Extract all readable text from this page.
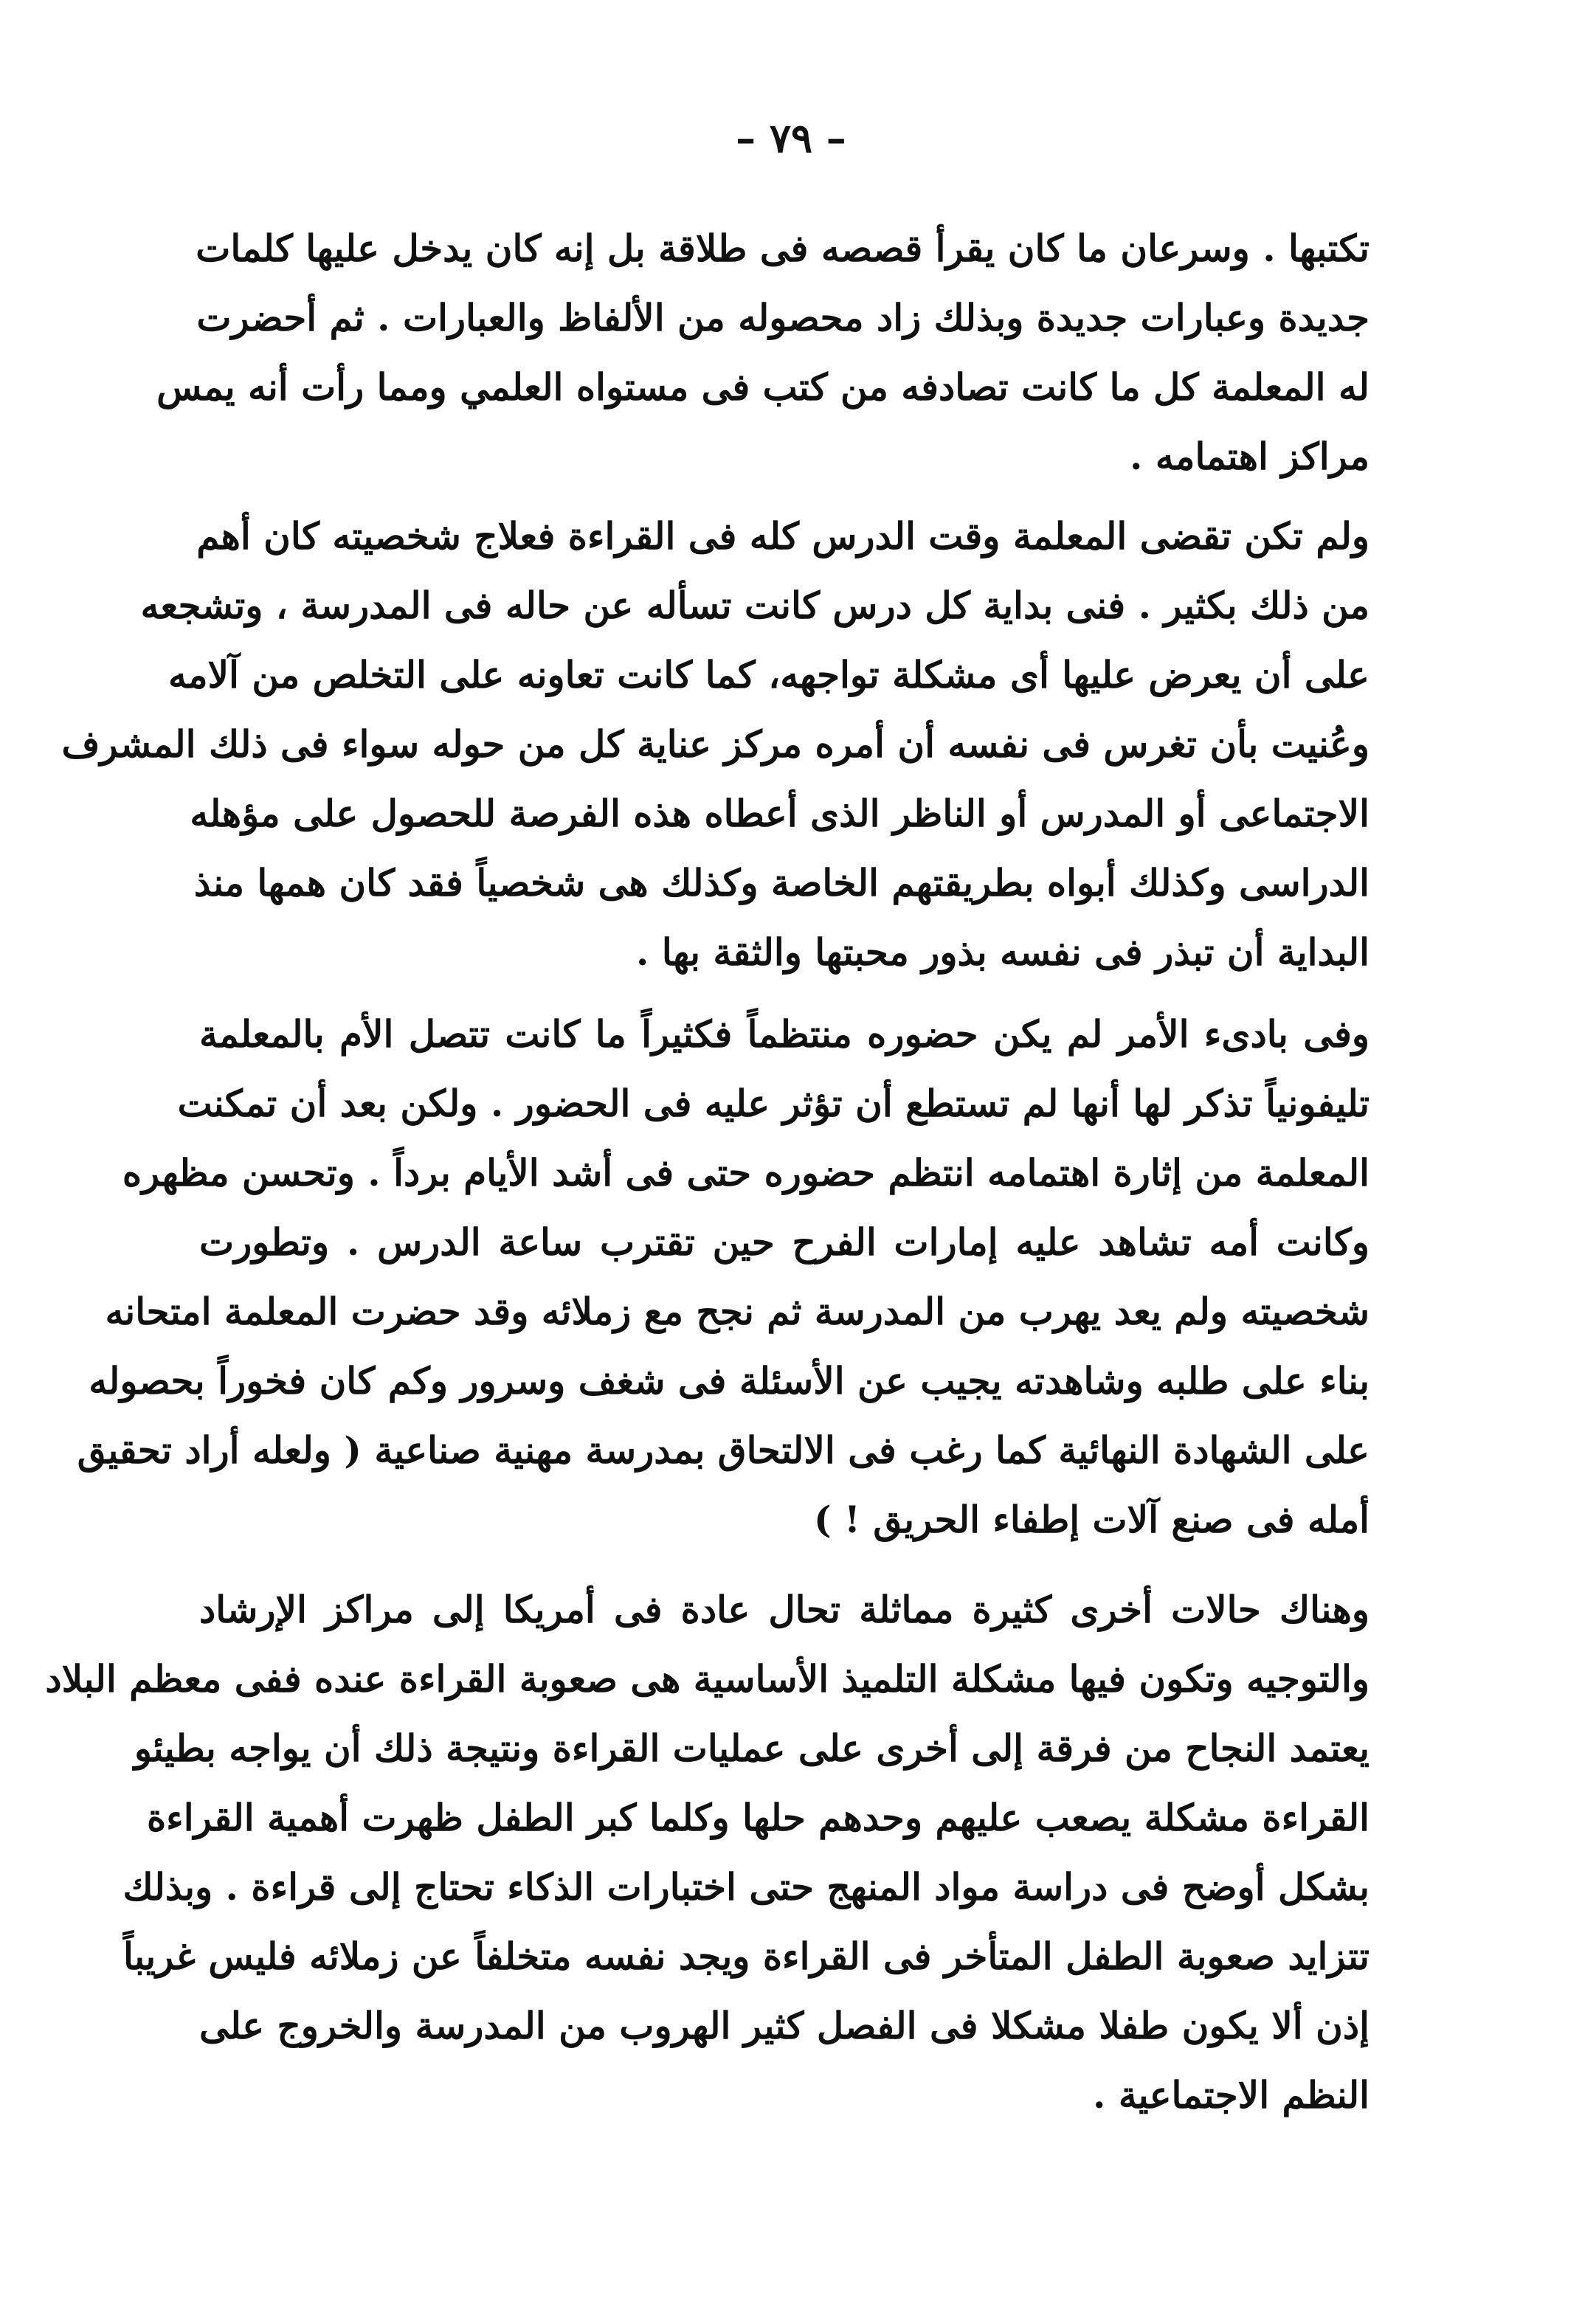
– ٧٩ –
تكتبها . وسرعان ما كان يقرأ قصصه فى طلاقة بل إنه كان يدخل عليها كلمات
جديدة وعبارات جديدة وبذلك زاد محصوله من الألفاظ والعبارات . ثم أحضرت
له المعلمة كل ما كانت تصادفه من كتب فى مستواه العلمي ومما رأت أنه يمس
مراكز اهتمامه .
ولم تكن تقضى المعلمة وقت الدرس كله فى القراءة فعلاج شخصيته كان أهم
من ذلك بكثير . فنى بداية كل درس كانت تسأله عن حاله فى المدرسة ، وتشجعه
على أن يعرض عليها أى مشكلة تواجهه، كما كانت تعاونه على التخلص من آلامه
وعُنيت بأن تغرس فى نفسه أن أمره مركز عناية كل من حوله سواء فى ذلك المشرف
الاجتماعى أو المدرس أو الناظر الذى أعطاه هذه الفرصة للحصول على مؤهله
الدراسى وكذلك أبواه بطريقتهم الخاصة وكذلك هى شخصياً فقد كان همها منذ
البداية أن تبذر فى نفسه بذور محبتها والثقة بها .
وفى بادىء الأمر لم يكن حضوره منتظماً فكثيراً ما كانت تتصل الأم بالمعلمة
تليفونياً تذكر لها أنها لم تستطع أن تؤثر عليه فى الحضور . ولكن بعد أن تمكنت
المعلمة من إثارة اهتمامه انتظم حضوره حتى فى أشد الأيام برداً . وتحسن مظهره
وكانت أمه تشاهد عليه إمارات الفرح حين تقترب ساعة الدرس . وتطورت
شخصيته ولم يعد يهرب من المدرسة ثم نجح مع زملائه وقد حضرت المعلمة امتحانه
بناء على طلبه وشاهدته يجيب عن الأسئلة فى شغف وسرور وكم كان فخوراً بحصوله
على الشهادة النهائية كما رغب فى الالتحاق بمدرسة مهنية صناعية ( ولعله أراد تحقيق
أمله فى صنع آلات إطفاء الحريق ! )
وهناك حالات أخرى كثيرة مماثلة تحال عادة فى أمريكا إلى مراكز الإرشاد
والتوجيه وتكون فيها مشكلة التلميذ الأساسية هى صعوبة القراءة عنده ففى معظم البلاد
يعتمد النجاح من فرقة إلى أخرى على عمليات القراءة ونتيجة ذلك أن يواجه بطيئو
القراءة مشكلة يصعب عليهم وحدهم حلها وكلما كبر الطفل ظهرت أهمية القراءة
بشكل أوضح فى دراسة مواد المنهج حتى اختبارات الذكاء تحتاج إلى قراءة . وبذلك
تتزايد صعوبة الطفل المتأخر فى القراءة ويجد نفسه متخلفاً عن زملائه فليس غريباً
إذن ألا يكون طفلا مشكلا فى الفصل كثير الهروب من المدرسة والخروج على
النظم الاجتماعية .
